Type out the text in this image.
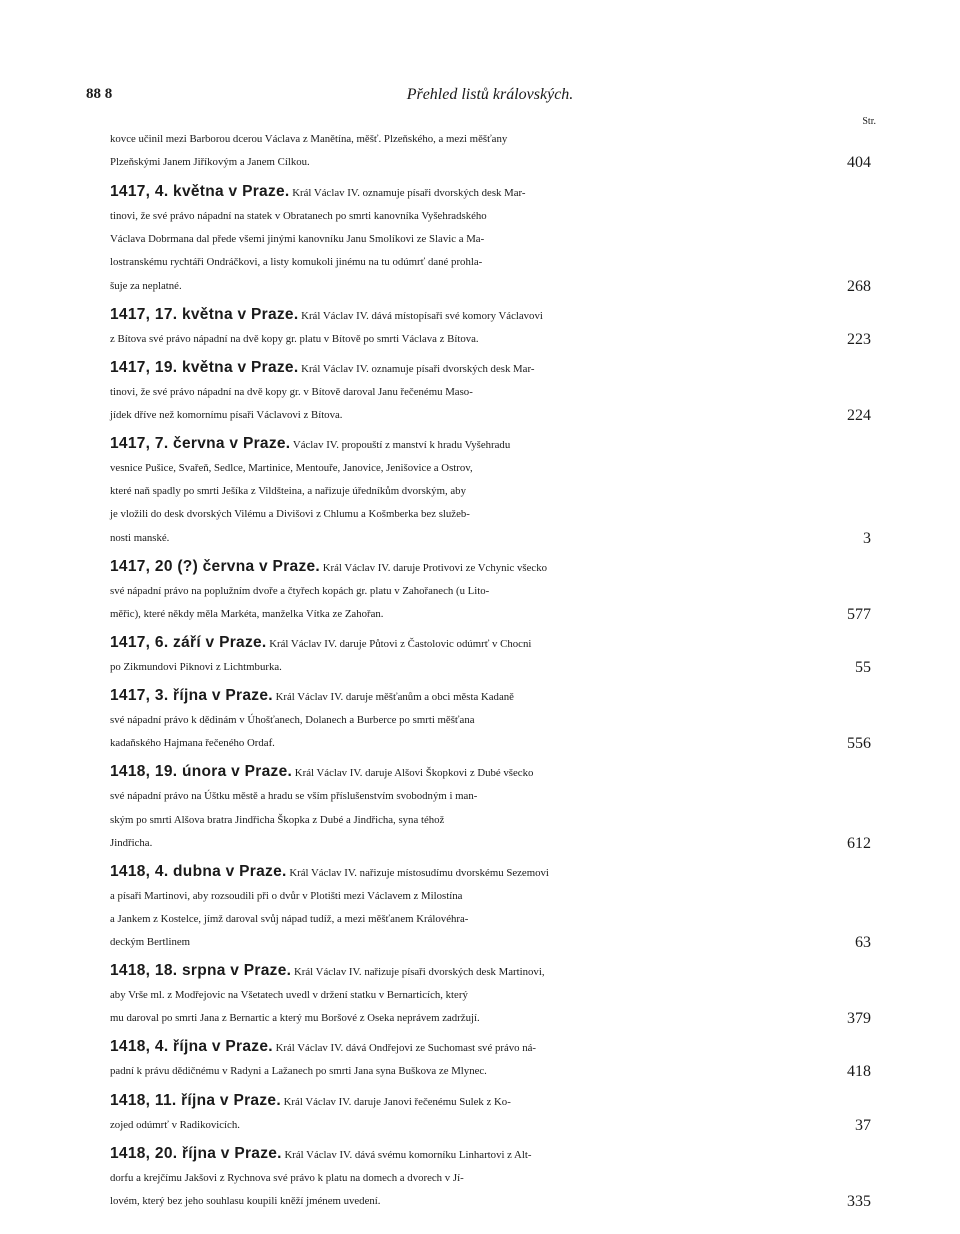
88 8	Přehled listů královských.
Str.
kovce učinil mezi Barborou dcerou Václava z Manětína, měšť. Plzeňského, a mezi měšťany
Plzeňskými Janem Jiříkovým a Janem Cílkou.	404
1417, 4. května v Praze. Král Václav IV. oznamuje písaři dvorských desk Mar-
tinovi, že své právo nápadní na statek v Obratanech po smrti kanovníka Vyšehradského
Václava Dobrmana dal přede všemi jinými kanovníku Janu Smolíkovi ze Slavic a Ma-
lostranskému rychtáři Ondráčkovi, a listy komukoli jinému na tu odúmrť dané prohla-
šuje za neplatné.	268
1417, 17. května v Praze. Král Václav IV. dává místopísaři své komory Václavovi
z Bítova své právo nápadní na dvě kopy gr. platu v Bítově po smrti Václava z Bítova.	223
1417, 19. května v Praze. Král Václav IV. oznamuje písaři dvorských desk Mar-
tinovi, že své právo nápadní na dvě kopy gr. v Bítově daroval Janu řečenému Maso-
jídek dříve než komornímu písaři Václavovi z Bítova.	224
1417, 7. června v Praze. Václav IV. propouští z manství k hradu Vyšehradu
vesnice Pušice, Svařeň, Sedlce, Martinice, Mentouře, Janovice, Jenišovice a Ostrov,
které naň spadly po smrti Ješíka z Vildšteina, a nařizuje úředníkům dvorským, aby
je vložili do desk dvorských Vilému a Divišovi z Chlumu a Košmberka bez služeb-
nosti manské.	3
1417, 20 (?) června v Praze. Král Václav IV. daruje Protivovi ze Vchynic všecko
své nápadní právo na poplužním dvoře a čtyřech kopách gr. platu v Zahořanech (u Lito-
měřic), které někdy měla Markéta, manželka Vítka ze Zahořan.	577
1417, 6. září v Praze. Král Václav IV. daruje Půtovi z Častolovic odúmrť v Chocni
po Zikmundovi Piknovi z Lichtmburka.	55
1417, 3. října v Praze. Král Václav IV. daruje měšťanům a obci města Kadaně
své nápadní právo k dědinám v Úhošťanech, Dolanech a Burberce po smrti měšťana
kadaňského Hajmana řečeného Ordaf.	556
1418, 19. února v Praze. Král Václav IV. daruje Alšovi Škopkovi z Dubé všecko
své nápadní právo na Úštku městě a hradu se vším příslušenstvím svobodným i man-
ským po smrti Alšova bratra Jindřicha Škopka z Dubé a Jindřicha, syna téhož
Jindřicha.	612
1418, 4. dubna v Praze. Král Václav IV. nařizuje místosudímu dvorskému Sezemovi
a písaři Martinovi, aby rozsoudili při o dvůr v Plotišti mezi Václavem z Milostína
a Jankem z Kostelce, jímž daroval svůj nápad tudíž, a mezi měšťanem Královéhra-
deckým Bertlinem	63
1418, 18. srpna v Praze. Král Václav IV. nařizuje písaři dvorských desk Martinovi,
aby Vrše ml. z Modřejovic na Všetatech uvedl v držení statku v Bernarticích, který
mu daroval po smrti Jana z Bernartic a který mu Boršové z Oseka neprávem zadržují.	379
1418, 4. října v Praze. Král Václav IV. dává Ondřejovi ze Suchomast své právo ná-
padní k právu dědičnému v Radyni a Lažanech po smrti Jana syna Buškova ze Mlynec.	418
1418, 11. října v Praze. Král Václav IV. daruje Janovi řečenému Sulek z Ko-
zojed odúmrť v Radikovicích.	37
1418, 20. října v Praze. Král Václav IV. dává svému komorníku Linhartovi z Alt-
dorfu a krejčímu Jakšovi z Rychnova své právo k platu na domech a dvorech v Jí-
lovém, který bez jeho souhlasu koupili kněží jménem uvedení.	335
